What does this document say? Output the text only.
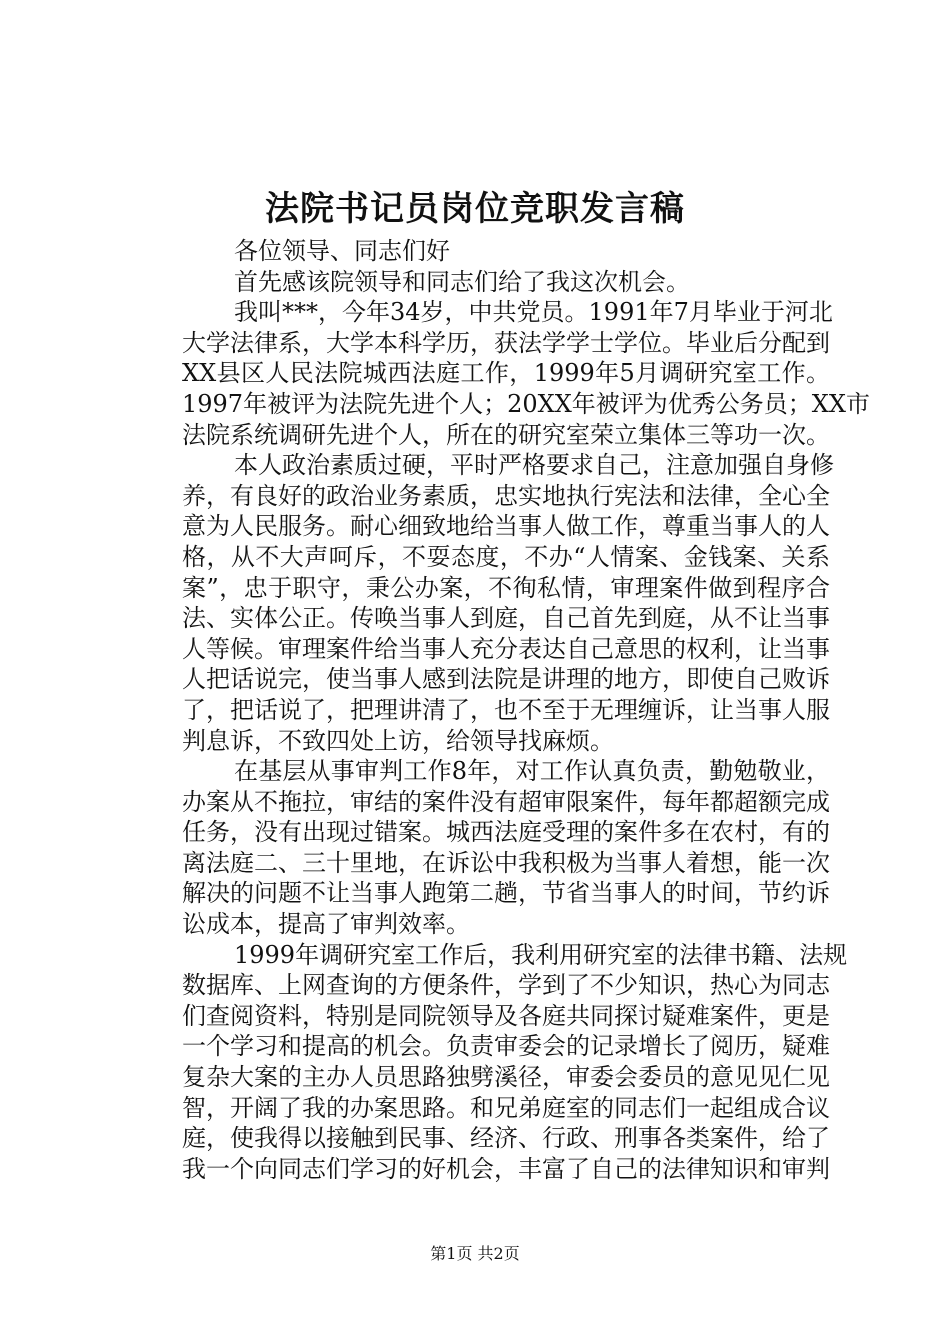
法院书记员岗位竞职发言稿

各位领导、同志们好

首先感该院领导和同志们给了我这次机会。

我叫***，今年34岁，中共党员。1991年7月毕业于河北
大学法律系，大学本科学历，获法学学士学位。毕业后分配到
XX县区人民法院城西法庭工作，1999年5月调研究室工作。
1997年被评为法院先进个人；20XX年被评为优秀公务员；XX市
法院系统调研先进个人，所在的研究室荣立集体三等功一次。

本人政治素质过硬，平时严格要求自己，注意加强自身修
养，有良好的政治业务素质，忠实地执行宪法和法律，全心全
意为人民服务。耐心细致地给当事人做工作，尊重当事人的人
格，从不大声呵斥，不耍态度，不办“人情案、金钱案、关系
案”，忠于职守，秉公办案，不徇私情，审理案件做到程序合
法、实体公正。传唤当事人到庭，自己首先到庭，从不让当事
人等候。审理案件给当事人充分表达自己意思的权利，让当事
人把话说完，使当事人感到法院是讲理的地方，即使自己败诉
了，把话说了，把理讲清了，也不至于无理缠诉，让当事人服
判息诉，不致四处上访，给领导找麻烦。

在基层从事审判工作8年，对工作认真负责，勤勉敬业，
办案从不拖拉，审结的案件没有超审限案件，每年都超额完成
任务，没有出现过错案。城西法庭受理的案件多在农村，有的
离法庭二、三十里地，在诉讼中我积极为当事人着想，能一次
解决的问题不让当事人跑第二趟，节省当事人的时间，节约诉
讼成本，提高了审判效率。

1999年调研究室工作后，我利用研究室的法律书籍、法规
数据库、上网查询的方便条件，学到了不少知识，热心为同志
们查阅资料，特别是同院领导及各庭共同探讨疑难案件，更是
一个学习和提高的机会。负责审委会的记录增长了阅历，疑难
复杂大案的主办人员思路独劈溪径，审委会委员的意见见仁见
智，开阔了我的办案思路。和兄弟庭室的同志们一起组成合议
庭，使我得以接触到民事、经济、行政、刑事各类案件，给了
我一个向同志们学习的好机会，丰富了自己的法律知识和审判

第1页 共2页
